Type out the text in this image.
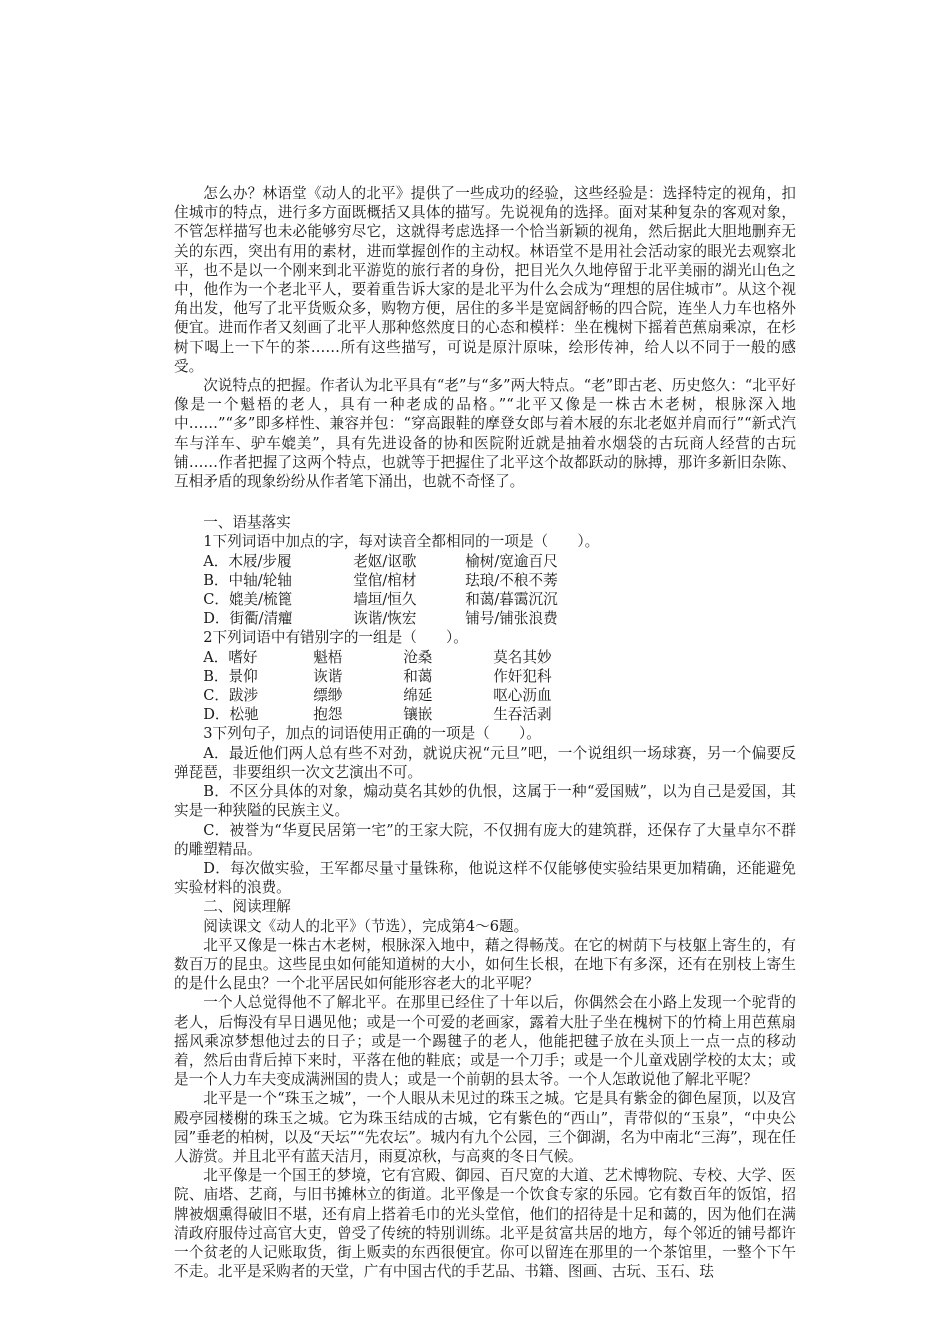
怎么办？林语堂《动人的北平》提供了一些成功的经验，这些经验是：选择特定的视角，扣住城市的特点，进行多方面既概括又具体的描写。先说视角的选择。面对某种复杂的客观对象，不管怎样描写也未必能够穷尽它，这就得考虑选择一个恰当新颖的视角，然后据此大胆地删弃无关的东西，突出有用的素材，进而掌握创作的主动权。林语堂不是用社会活动家的眼光去观察北平，也不是以一个刚来到北平游览的旅行者的身份，把目光久久地停留于北平美丽的湖光山色之中，他作为一个老北平人，要着重告诉大家的是北平为什么会成为“理想的居住城市”。从这个视角出发，他写了北平货贩众多，购物方便，居住的多半是宽阔舒畅的四合院，连坐人力车也格外便宜。进而作者又刻画了北平人那种悠然度日的心态和模样：坐在槐树下摇着芭蕉扇乘凉，在杉树下喝上一下午的茶……所有这些描写，可说是原汁原味，绘形传神，给人以不同于一般的感受。

次说特点的把握。作者认为北平具有“老”与“多”两大特点。“老”即古老、历史悠久：“北平好像是一个魁梧的老人，具有一种老成的品格。”“北平又像是一株古木老树，根脉深入地中……”“多”即多样性、兼容并包：“穿高跟鞋的摩登女郎与着木屐的东北老妪并肩而行”“新式汽车与洋车、驴车媲美”，具有先进设备的协和医院附近就是抽着水烟袋的古玩商人经营的古玩铺……作者把握了这两个特点，也就等于把握住了北平这个故都跃动的脉搏，那许多新旧杂陈、互相矛盾的现象纷纷从作者笔下涌出，也就不奇怪了。

一、语基落实

1下列词语中加点的字，每对读音全都相同的一项是（　　）。

A．木屐/步履	老妪/讴歌	榆树/宽逾百尺
B．中轴/轮轴	堂倌/棺材	珐琅/不稂不莠
C．媲美/梳篦	墙垣/恒久	和蔼/暮霭沉沉
D．街衢/清癯	诙谐/恢宏	铺号/铺张浪费

2下列词语中有错别字的一组是（　　）。

A．嗜好	魁梧	沧桑	莫名其妙
B．景仰	诙谐	和蔼	作奸犯科
C．跋涉	缥缈	绵延	呕心沥血
D．松驰	抱怨	镶嵌	生吞活剥

3下列句子，加点的词语使用正确的一项是（　　）。

A．最近他们两人总有些不对劲，就说庆祝“元旦”吧，一个说组织一场球赛，另一个偏要反弹琵琶，非要组织一次文艺演出不可。

B．不区分具体的对象，煽动莫名其妙的仇恨，这属于一种“爱国贼”，以为自己是爱国，其实是一种狭隘的民族主义。

C．被誉为“华夏民居第一宅”的王家大院，不仅拥有庞大的建筑群，还保存了大量卓尔不群的雕塑精品。

D．每次做实验，王军都尽量寸量铢称，他说这样不仅能够使实验结果更加精确，还能避免实验材料的浪费。

二、阅读理解

阅读课文《动人的北平》（节选），完成第4～6题。

北平又像是一株古木老树，根脉深入地中，藉之得畅茂。在它的树荫下与枝躯上寄生的，有数百万的昆虫。这些昆虫如何能知道树的大小，如何生长根，在地下有多深，还有在别枝上寄生的是什么昆虫？一个北平居民如何能形容老大的北平呢？

一个人总觉得他不了解北平。在那里已经住了十年以后，你偶然会在小路上发现一个驼背的老人，后悔没有早日遇见他；或是一个可爱的老画家，露着大肚子坐在槐树下的竹椅上用芭蕉扇摇风乘凉梦想他过去的日子；或是一个踢毽子的老人，他能把毽子放在头顶上一点一点的移动着，然后由背后掉下来时，平落在他的鞋底；或是一个刀手；或是一个儿童戏剧学校的太太；或是一个人力车夫变成满洲国的贵人；或是一个前朝的县太爷。一个人怎敢说他了解北平呢？

北平是一个“珠玉之城”，一个人眼从未见过的珠玉之城。它是具有紫金的御色屋顶，以及宫殿亭园楼榭的珠玉之城。它为珠玉结成的古城，它有紫色的“西山”，青带似的“玉泉”，“中央公园”垂老的柏树，以及“天坛”“先农坛”。城内有九个公园，三个御湖，名为中南北“三海”，现在任人游赏。并且北平有蓝天洁月，雨夏凉秋，与高爽的冬日气候。

北平像是一个国王的梦境，它有宫殿、御园、百尺宽的大道、艺术博物院、专校、大学、医院、庙塔、艺商，与旧书摊林立的街道。北平像是一个饮食专家的乐园。它有数百年的饭馆，招牌被烟熏得破旧不堪，还有肩上搭着毛巾的光头堂倌，他们的招待是十足和蔼的，因为他们在满清政府服侍过高官大吏，曾受了传统的特别训练。北平是贫富共居的地方，每个邻近的铺号都许一个贫老的人记账取货，街上贩卖的东西很便宜。你可以留连在那里的一个茶馆里，一整个下午不走。北平是采购者的天堂，广有中国古代的手艺品、书籍、图画、古玩、玉石、珐
